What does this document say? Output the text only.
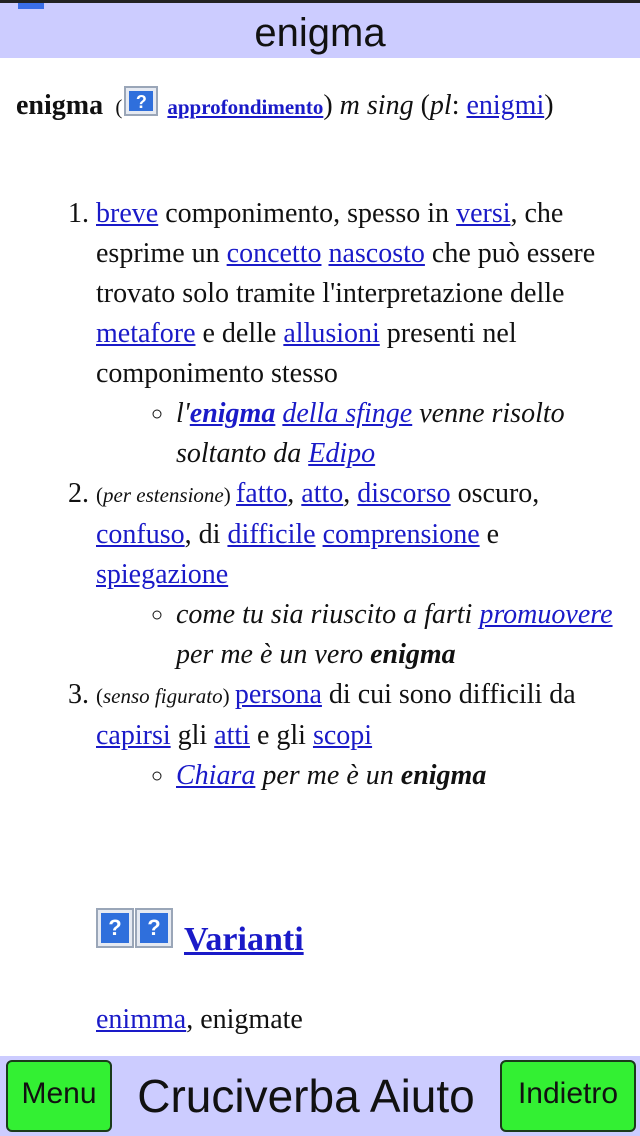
enigma
enigma  ( ? approfondimento) m sing (pl: enigmi)
1. breve componimento, spesso in versi, che esprime un concetto nascosto che può essere trovato solo tramite l'interpretazione delle metafore e delle allusioni presenti nel componimento stesso
◦ l'enigma della sfinge venne risolto soltanto da Edipo
2. (per estensione) fatto, atto, discorso oscuro, confuso, di difficile comprensione e spiegazione
◦ come tu sia riuscito a farti promuovere per me è un vero enigma
3. (senso figurato) persona di cui sono difficili da capirsi gli atti e gli scopi
◦ Chiara per me è un enigma
?	? Varianti
enimma, enigmate
Menu Cruciverba Aiuto	Indietro
